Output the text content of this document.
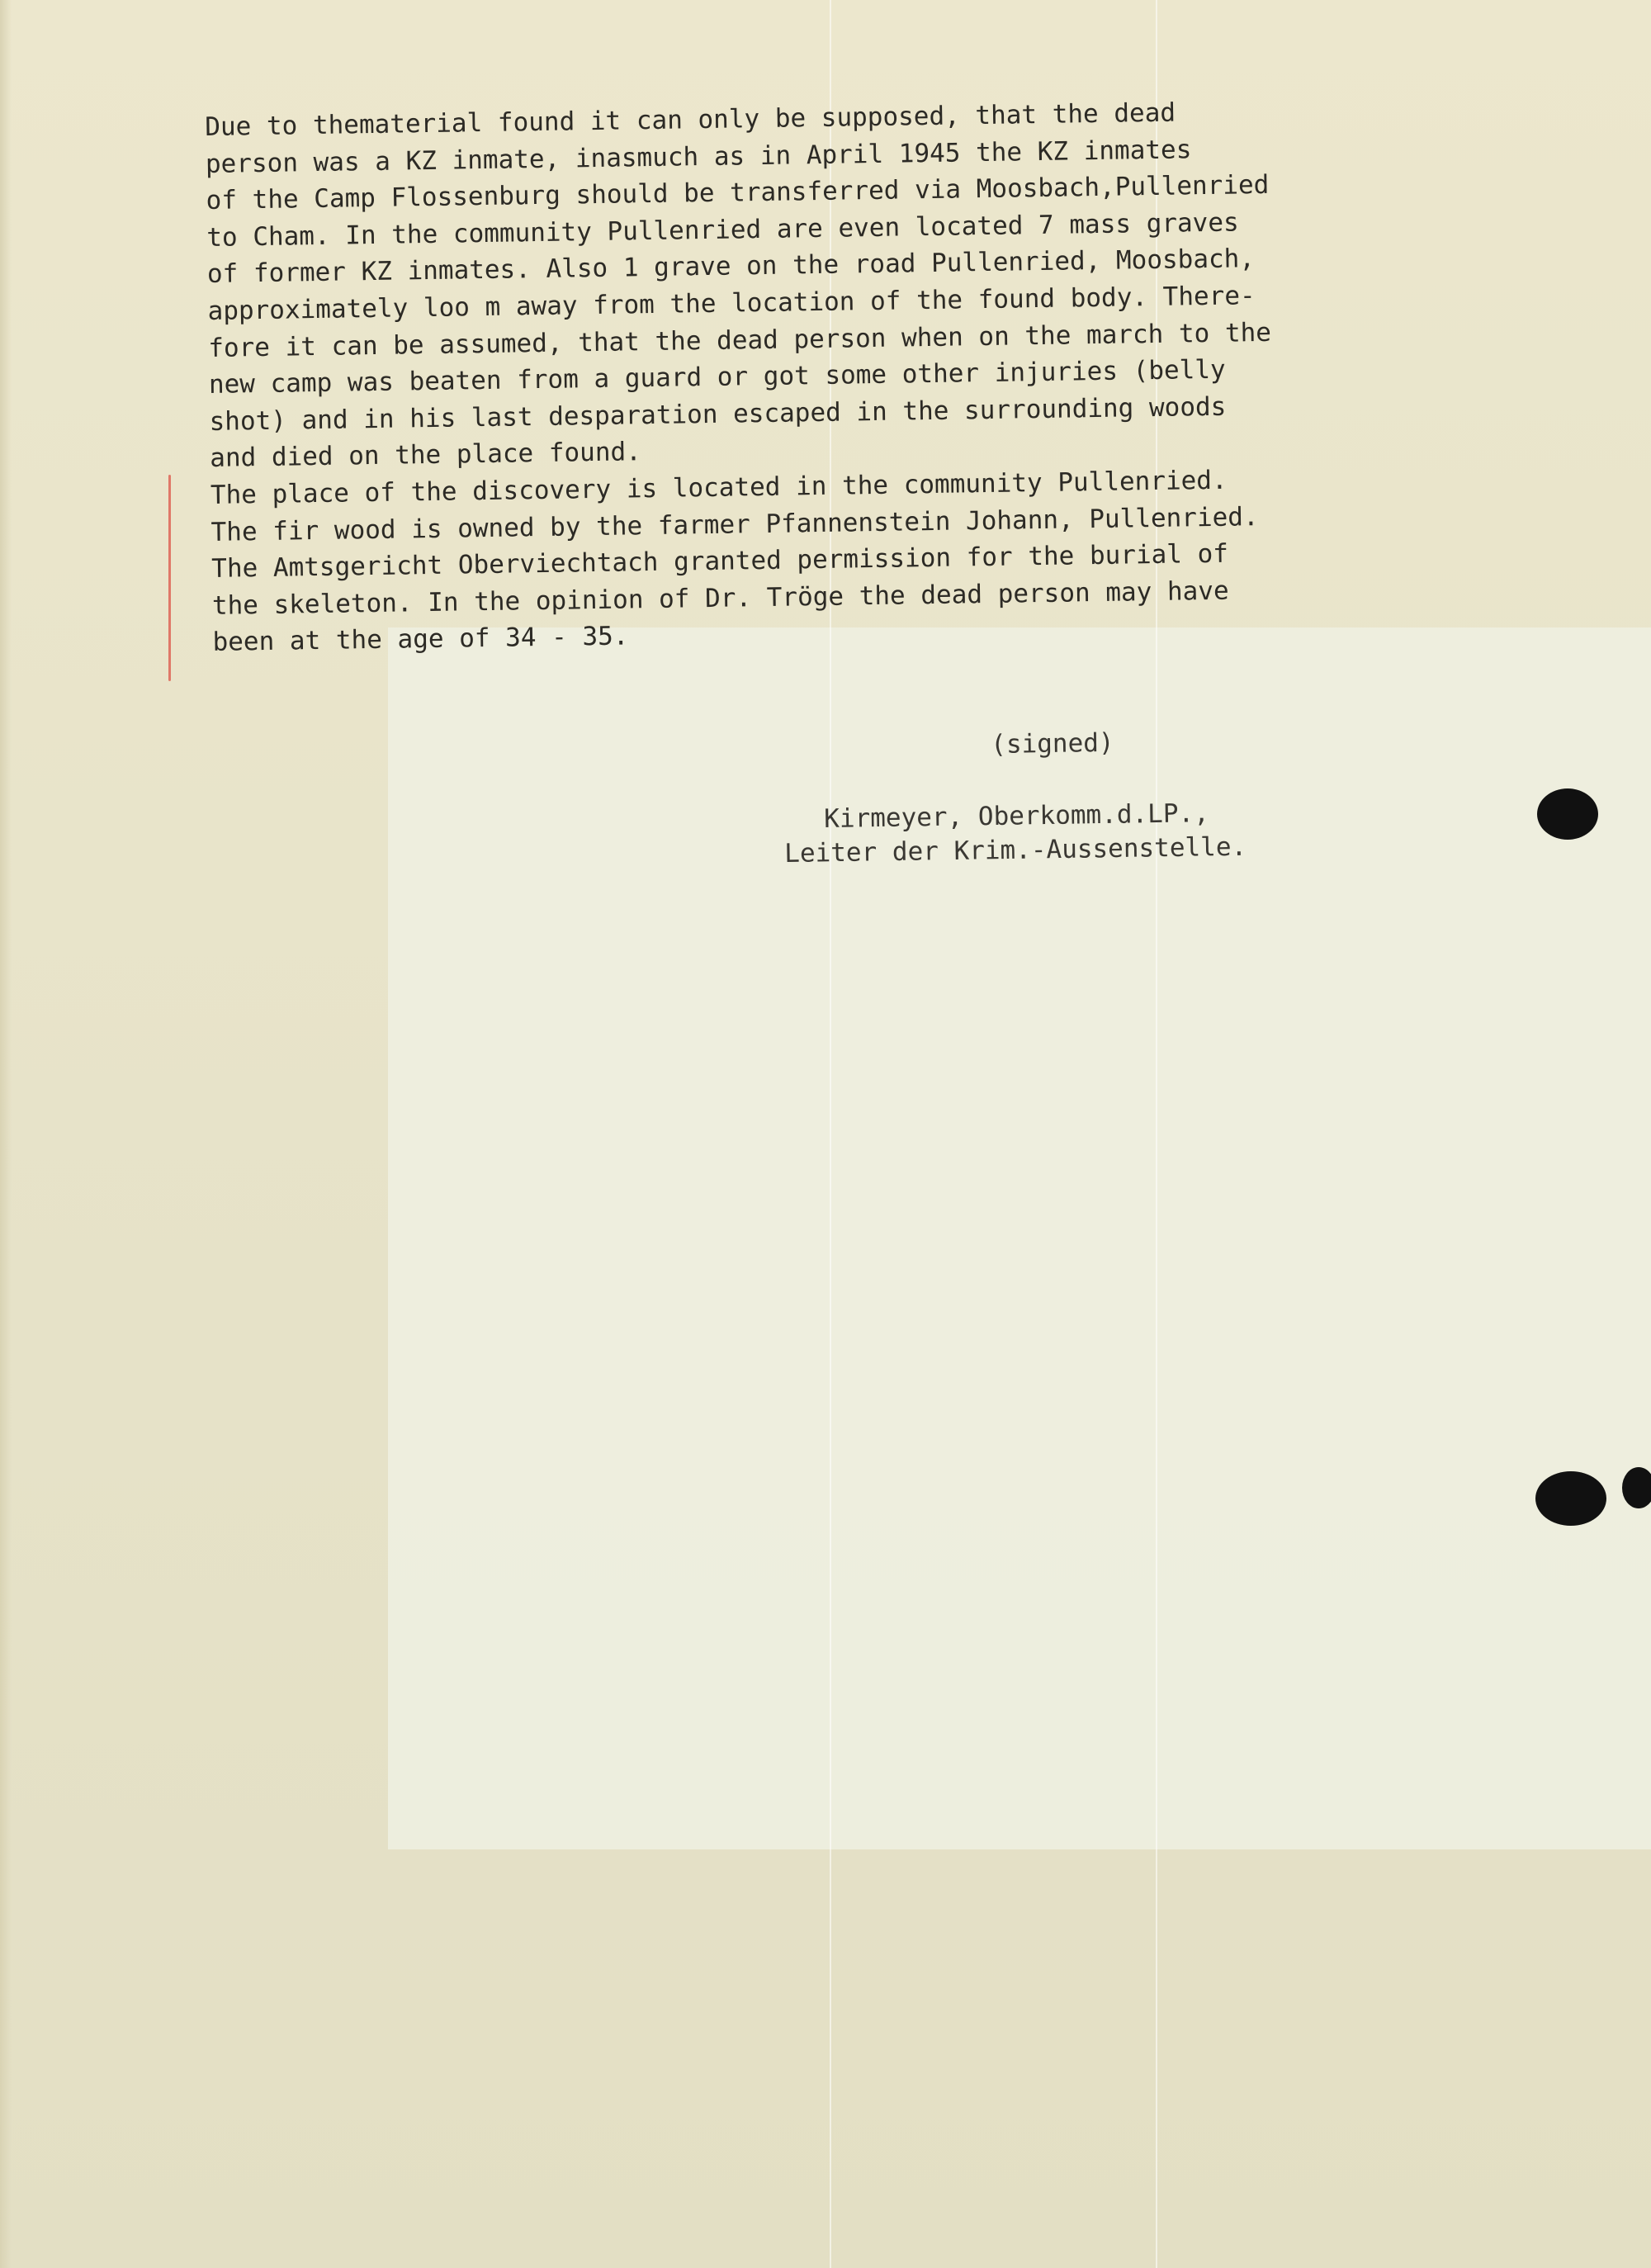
Due to thematerial found it can only be supposed, that the dead
person was a KZ inmate, inasmuch as in April 1945 the KZ inmates
of the Camp Flossenburg should be transferred via Moosbach,Pullenried
to Cham. In the community Pullenried are even located 7 mass graves
of former KZ inmates. Also 1 grave on the road Pullenried, Moosbach,
approximately loo m away from the location of the found body. There-
fore it can be assumed, that the dead person when on the march to the
new camp was beaten from a guard or got some other injuries (belly
shot) and in his last desparation escaped in the surrounding woods
and died on the place found.
The place of the discovery is located in the community Pullenried.
The fir wood is owned by the farmer Pfannenstein Johann, Pullenried.
The Amtsgericht Oberviechtach granted permission for the burial of
the skeleton. In the opinion of Dr. Tröge the dead person may have
been at the age of 34 - 35.
(signed)
Kirmeyer, Oberkomm.d.LP.,
Leiter der Krim.-Aussenstelle.
